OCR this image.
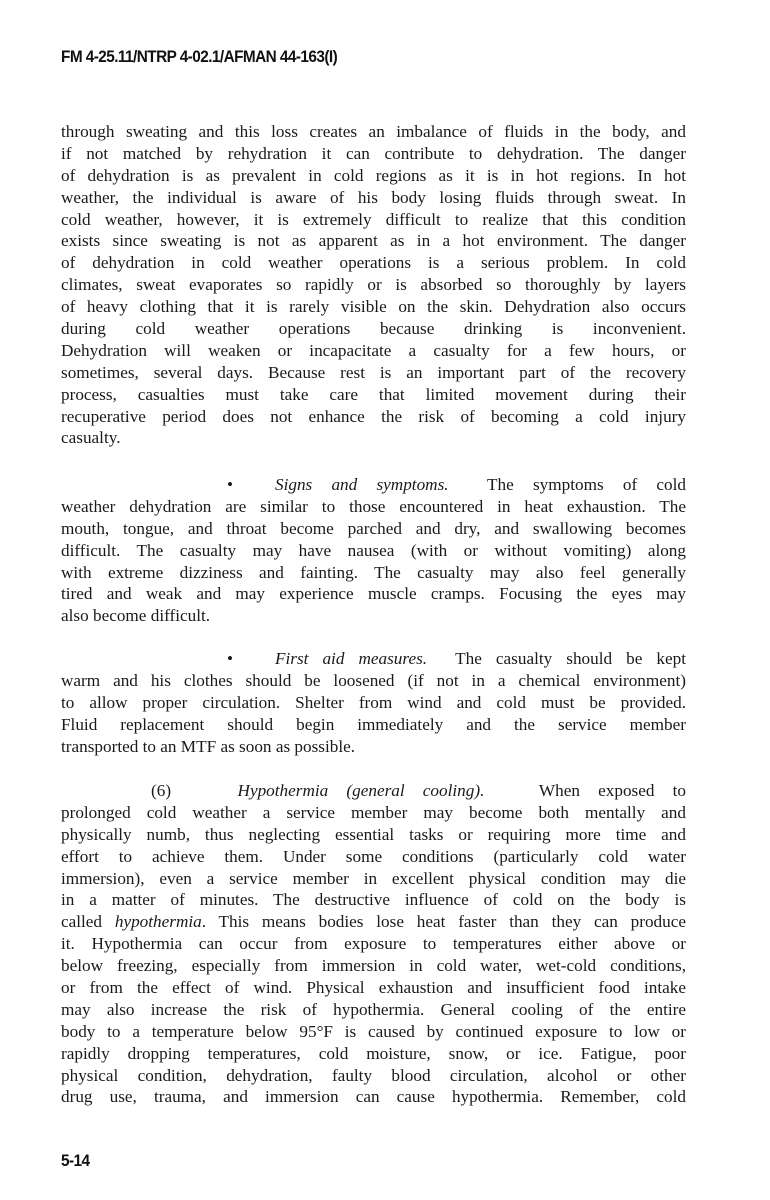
FM 4-25.11/NTRP 4-02.1/AFMAN 44-163(I)
through sweating and this loss creates an imbalance of fluids in the body, and
if not matched by rehydration it can contribute to dehydration. The danger
of dehydration is as prevalent in cold regions as it is in hot regions. In hot
weather, the individual is aware of his body losing fluids through sweat. In
cold weather, however, it is extremely difficult to realize that this condition
exists since sweating is not as apparent as in a hot environment. The danger
of dehydration in cold weather operations is a serious problem. In cold
climates, sweat evaporates so rapidly or is absorbed so thoroughly by layers
of heavy clothing that it is rarely visible on the skin. Dehydration also occurs
during cold weather operations because drinking is inconvenient.
Dehydration will weaken or incapacitate a casualty for a few hours, or
sometimes, several days. Because rest is an important part of the recovery
process, casualties must take care that limited movement during their
recuperative period does not enhance the risk of becoming a cold injury
casualty.
• Signs and symptoms. The symptoms of cold
weather dehydration are similar to those encountered in heat exhaustion. The
mouth, tongue, and throat become parched and dry, and swallowing becomes
difficult. The casualty may have nausea (with or without vomiting) along
with extreme dizziness and fainting. The casualty may also feel generally
tired and weak and may experience muscle cramps. Focusing the eyes may
also become difficult.
• First aid measures. The casualty should be kept
warm and his clothes should be loosened (if not in a chemical environment)
to allow proper circulation. Shelter from wind and cold must be provided.
Fluid replacement should begin immediately and the service member
transported to an MTF as soon as possible.
(6)	Hypothermia (general cooling).	When exposed to
prolonged cold weather a service member may become both mentally and
physically numb, thus neglecting essential tasks or requiring more time and
effort to achieve them. Under some conditions (particularly cold water
immersion), even a service member in excellent physical condition may die
in a matter of minutes. The destructive influence of cold on the body is
called hypothermia. This means bodies lose heat faster than they can produce
it. Hypothermia can occur from exposure to temperatures either above or
below freezing, especially from immersion in cold water, wet-cold conditions,
or from the effect of wind. Physical exhaustion and insufficient food intake
may also increase the risk of hypothermia. General cooling of the entire
body to a temperature below 95°F is caused by continued exposure to low or
rapidly dropping temperatures, cold moisture, snow, or ice. Fatigue, poor
physical condition, dehydration, faulty blood circulation, alcohol or other
drug use, trauma, and immersion can cause hypothermia. Remember, cold
5-14
